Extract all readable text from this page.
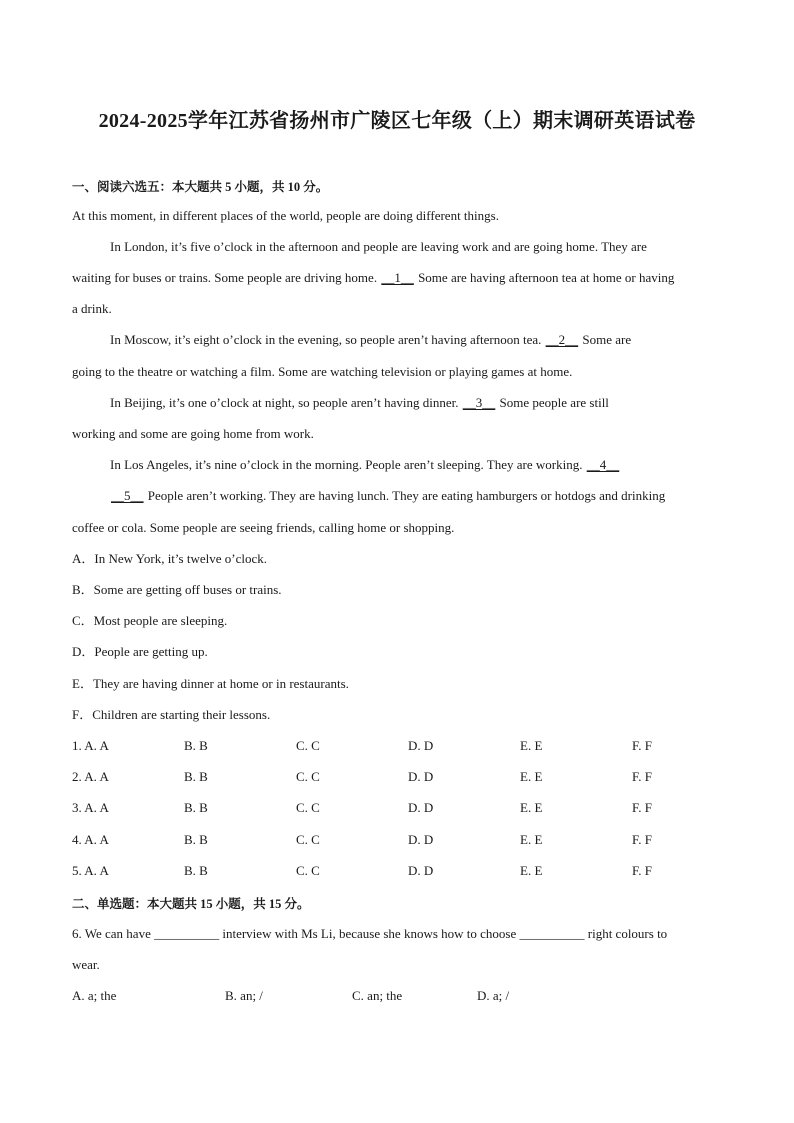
2024-2025学年江苏省扬州市广陵区七年级（上）期末调研英语试卷
一、阅读六选五：本大题共 5 小题，共 10 分。
At this moment, in different places of the world, people are doing different things.
In London, it’s five o’clock in the afternoon and people are leaving work and are going home. They are
waiting for buses or trains. Some people are driving home. __1__ Some are having afternoon tea at home or having
a drink.
In Moscow, it’s eight o’clock in the evening, so people aren’t having afternoon tea. __2__ Some are
going to the theatre or watching a film. Some are watching television or playing games at home.
In Beijing, it’s one o’clock at night, so people aren’t having dinner. __3__ Some people are still
working and some are going home from work.
In Los Angeles, it’s nine o’clock in the morning. People aren’t sleeping. They are working. __4__
__5__ People aren’t working. They are having lunch. They are eating hamburgers or hotdogs and drinking
coffee or cola. Some people are seeing friends, calling home or shopping.
A．In New York, it’s twelve o’clock.
B．Some are getting off buses or trains.
C．Most people are sleeping.
D．People are getting up.
E．They are having dinner at home or in restaurants.
F．Children are starting their lessons.
1. A. A	B. B	C. C	D. D	E. E	F. F
2. A. A	B. B	C. C	D. D	E. E	F. F
3. A. A	B. B	C. C	D. D	E. E	F. F
4. A. A	B. B	C. C	D. D	E. E	F. F
5. A. A	B. B	C. C	D. D	E. E	F. F
二、单选题：本大题共 15 小题，共 15 分。
6. We can have __________ interview with Ms Li, because she knows how to choose __________ right colours to
wear.
A. a; the	B. an; /	C. an; the	D. a; /
